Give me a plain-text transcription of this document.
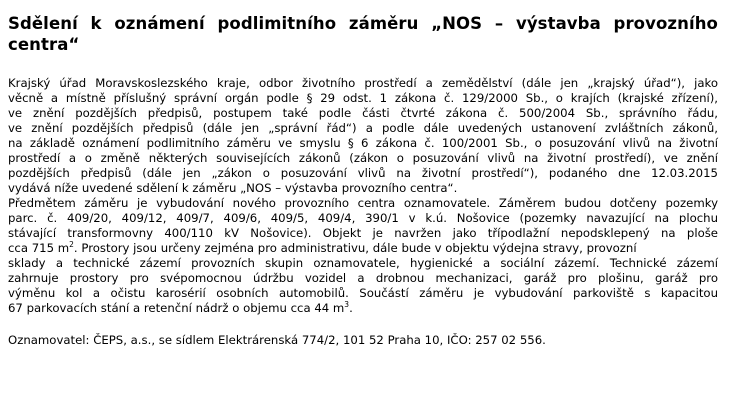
Sdělení k oznámení podlimitního záměru „NOS – výstavba provozního centra“

Krajský úřad Moravskoslezského kraje, odbor životního prostředí a zemědělství (dále jen „krajský úřad“), jako
věcně a místně příslušný správní orgán podle § 29 odst. 1 zákona č. 129/2000 Sb., o krajích (krajské zřízení),
ve znění pozdějších předpisů, postupem také podle části čtvrté zákona č. 500/2004 Sb., správního řádu,
ve znění pozdějších předpisů (dále jen „správní řád“) a podle dále uvedených ustanovení zvláštních zákonů,
na základě oznámení podlimitního záměru ve smyslu § 6 zákona č. 100/2001 Sb., o posuzování vlivů na životní
prostředí a o změně některých souvisejících zákonů (zákon o posuzování vlivů na životní prostředí), ve znění
pozdějších předpisů (dále jen „zákon o posuzování vlivů na životní prostředí“), podaného dne 12.03.2015
vydává níže uvedené sdělení k záměru „NOS – výstavba provozního centra“.

Předmětem záměru je vybudování nového provozního centra oznamovatele. Záměrem budou dotčeny pozemky
parc. č. 409/20, 409/12, 409/7, 409/6, 409/5, 409/4, 390/1 v k.ú. Nošovice (pozemky navazující na plochu
stávající transformovny 400/110 kV Nošovice). Objekt je navržen jako třípodlažní nepodsklepený na ploše
cca 715 $m^2$. Prostory jsou určeny zejména pro administrativu, dále bude v objektu výdejna stravy, provozní
sklady a technické zázemí provozních skupin oznamovatele, hygienické a sociální zázemí. Technické zázemí
zahrnuje prostory pro svépomocnou údržbu vozidel a drobnou mechanizaci, garáž pro plošinu, garáž pro
výměnu kol a očistu karosérií osobních automobilů. Součástí záměru je vybudování parkoviště s kapacitou
67 parkovacích stání a retenční nádrž o objemu cca 44 $m^3$.

Oznamovatel: ČEPS, a.s., se sídlem Elektrárenská 774/2, 101 52 Praha 10, IČO: 257 02 556.
